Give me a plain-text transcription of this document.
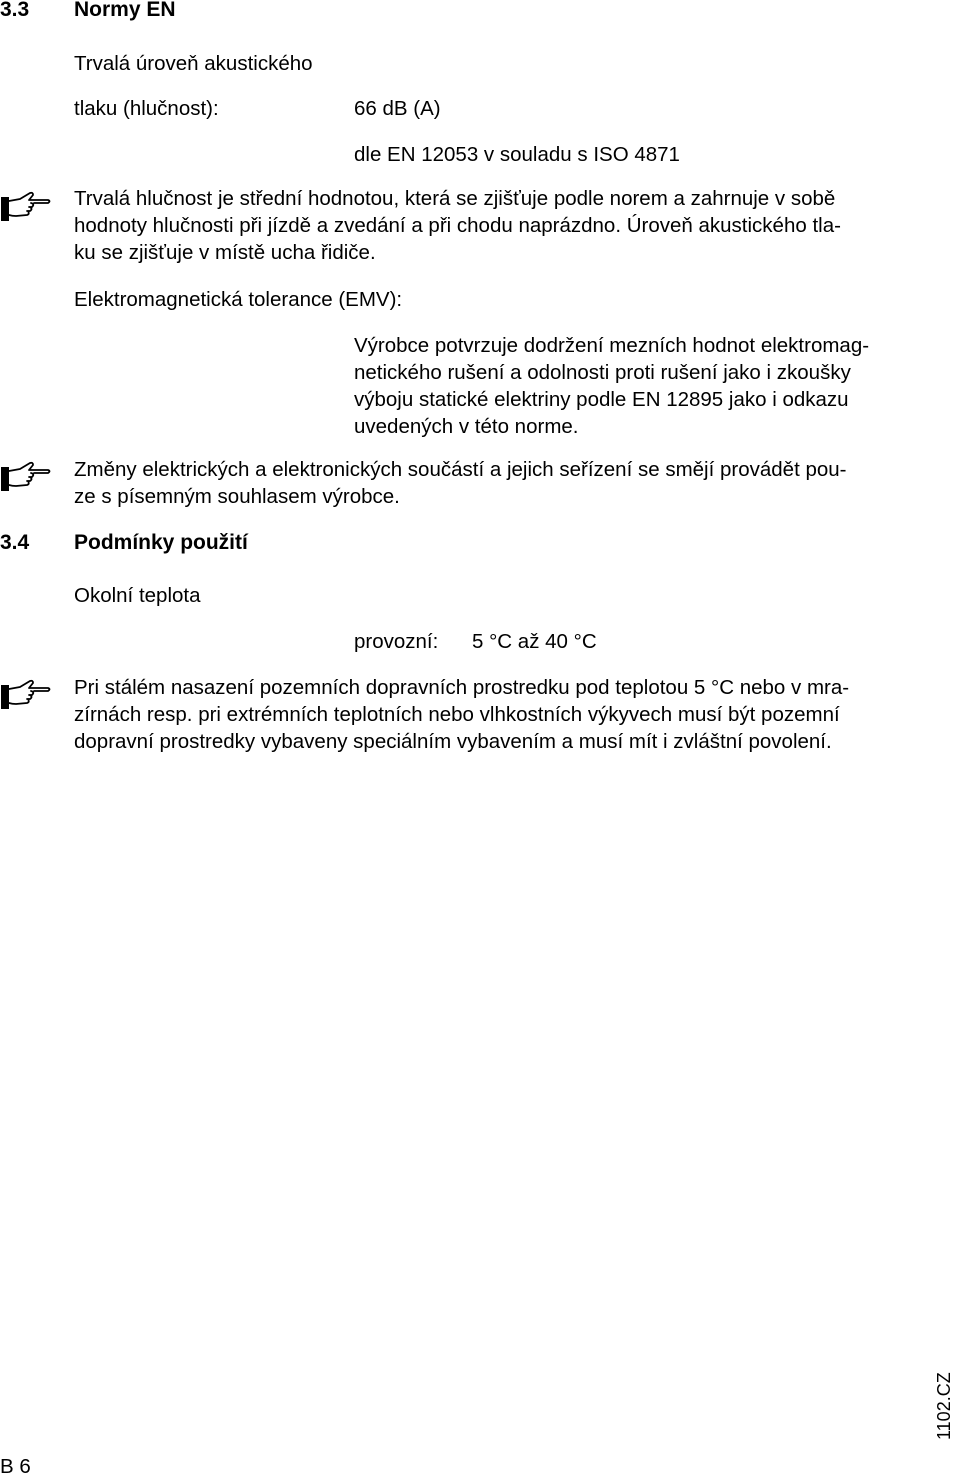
3.3 Normy EN
Trvalá úroveň akustického
tlaku (hlučnost):	66 dB (A)
dle EN 12053 v souladu s ISO 4871
Trvalá hlučnost je střední hodnotou, která se zjišťuje podle norem a zahrnuje v sobě
hodnoty hlučnosti při jízdě a zvedání a při chodu naprázdno. Úroveň akustického tla-
ku se zjišťuje v místě ucha řidiče.
Elektromagnetická tolerance (EMV):
Výrobce potvrzuje dodržení mezních hodnot elektromag-
netického rušení a odolnosti proti rušení jako i zkoušky
výboju statické elektriny podle EN 12895 jako i odkazu
uvedených v této norme.
Změny elektrických a elektronických součástí a jejich seřízení se smějí provádět pou-
ze s písemným souhlasem výrobce.
3.4 Podmínky použití
Okolní teplota
provozní: 5 °C až 40 °C
Pri stálém nasazení pozemních dopravních prostredku pod teplotou 5 °C nebo v mra-
zírnách resp. pri extrémních teplotních nebo vlhkostních výkyvech musí být pozemní
dopravní prostredky vybaveny speciálním vybavením a musí mít i zvláštní povolení.
1102.CZ
B 6
